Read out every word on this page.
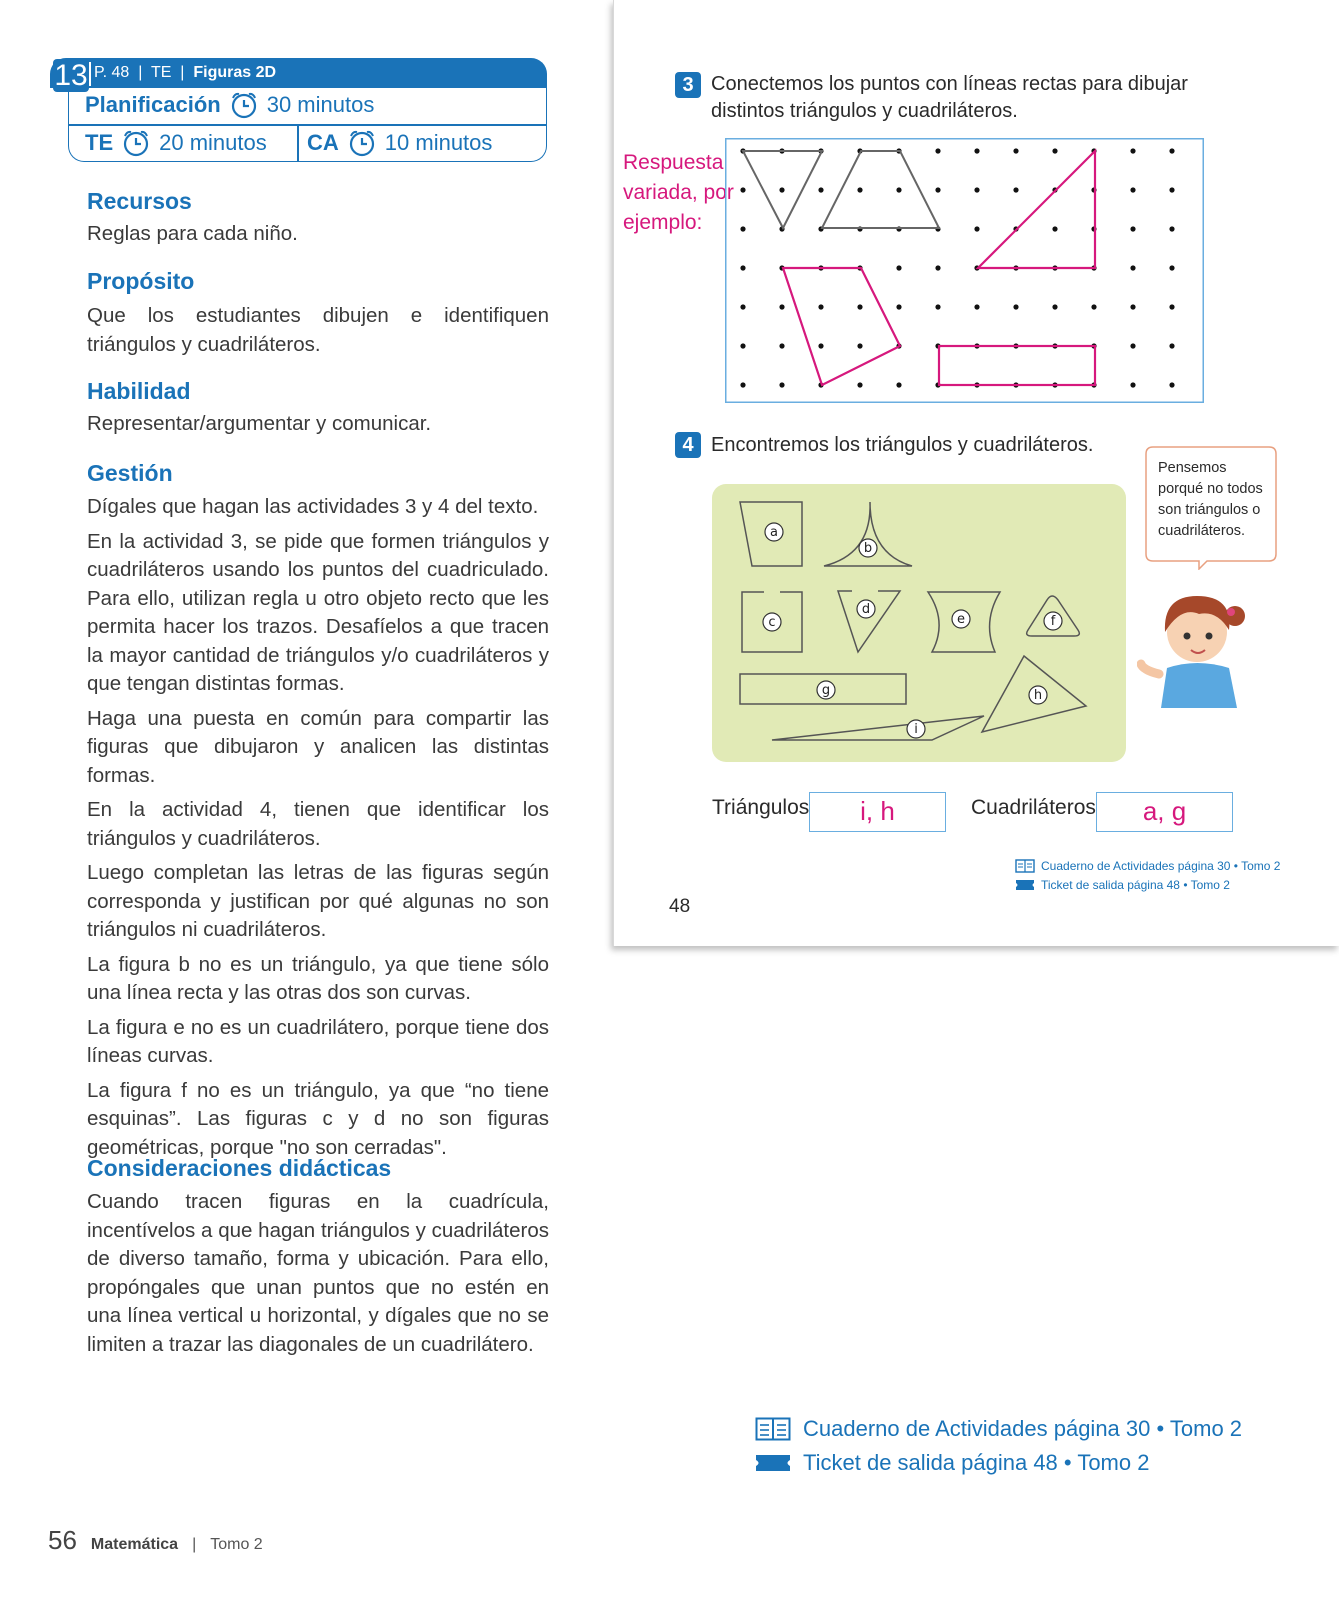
13 P. 48  |  TE  |  Figuras 2D
Planificación 30 minutos
TE 20 minutos CA 10 minutos
Recursos
Reglas para cada niño.
Propósito
Que los estudiantes dibujen e identifiquen triángulos y cuadriláteros.
Habilidad
Representar/argumentar y comunicar.
Gestión
Dígales que hagan las actividades 3 y 4 del texto.
En la actividad 3, se pide que formen triángulos y cuadriláteros usando los puntos del cuadriculado. Para ello, utilizan regla u otro objeto recto que les permita hacer los trazos. Desafíelos a que tracen la mayor cantidad de triángulos y/o cuadriláteros y que tengan distintas formas.
Haga una puesta en común para compartir las figuras que dibujaron y analicen las distintas formas.
En la actividad 4, tienen que identificar los triángulos y cuadriláteros.
Luego completan las letras de las figuras según corresponda y justifican por qué algunas no son triángulos ni cuadriláteros.
La figura b no es un triángulo, ya que tiene sólo una línea recta y las otras dos son curvas.
La figura e no es un cuadrilátero, porque tiene dos líneas curvas.
La figura f no es un triángulo, ya que “no tiene esquinas”. Las figuras c y d no son figuras geométricas, porque "no son cerradas".
Consideraciones didácticas
Cuando tracen figuras en la cuadrícula, incentívelos a que hagan triángulos y cuadriláteros de diverso tamaño, forma y ubicación. Para ello, propóngales que unan puntos que no estén en una línea vertical u horizontal, y dígales que no se limiten a trazar las diagonales de un cuadrilátero.
56 Matemática | Tomo 2
3 Conectemos los puntos con líneas rectas para dibujar
distintos triángulos y cuadriláteros.
Respuesta
variada, por
ejemplo:
4 Encontremos los triángulos y cuadriláteros.
a
b
c
d
e	f
g	h
i
Pensemos porqué no todos son triángulos o cuadriláteros.
Triángulos	i, h	Cuadriláteros	a, g
Cuaderno de Actividades página 30 • Tomo 2
Ticket de salida página 48 • Tomo 2
48
Cuaderno de Actividades página 30 • Tomo 2
Ticket de salida página 48 • Tomo 2
